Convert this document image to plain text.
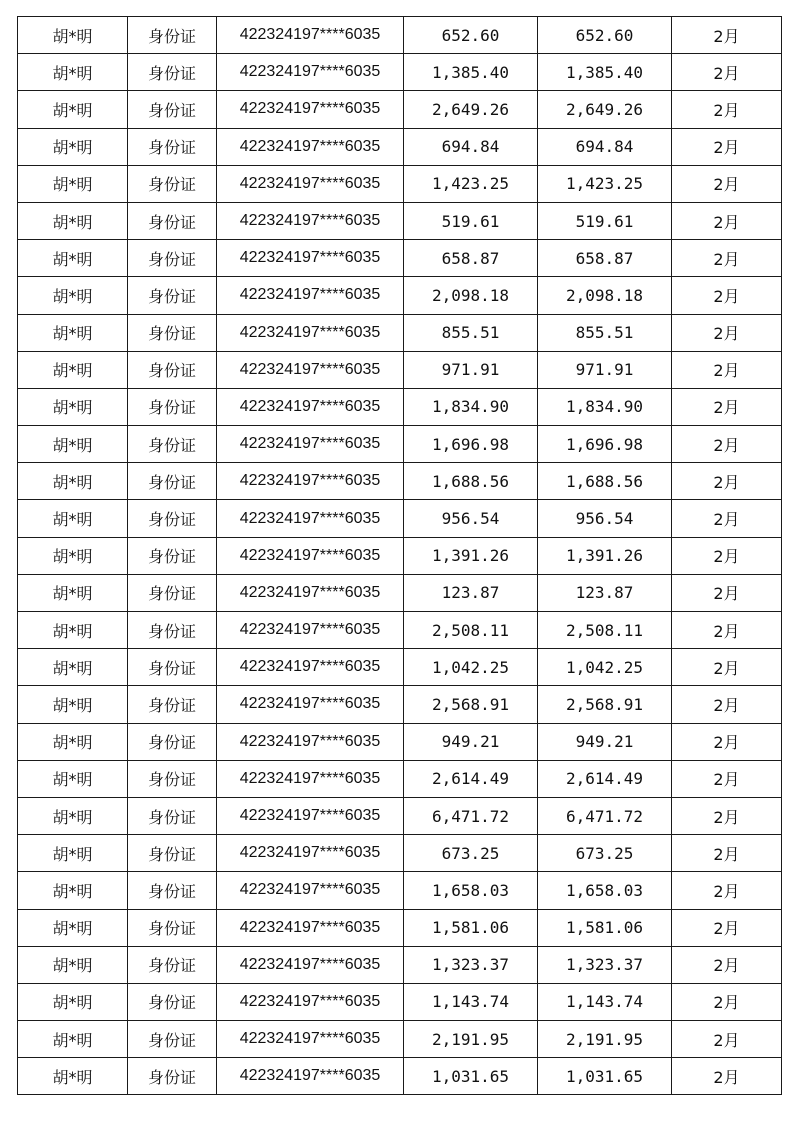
胡*明	身份证	422324197****6035	652.60	652.60	2月
胡*明	身份证	422324197****6035	1,385.40	1,385.40	2月
胡*明	身份证	422324197****6035	2,649.26	2,649.26	2月
胡*明	身份证	422324197****6035	694.84	694.84	2月
胡*明	身份证	422324197****6035	1,423.25	1,423.25	2月
胡*明	身份证	422324197****6035	519.61	519.61	2月
胡*明	身份证	422324197****6035	658.87	658.87	2月
胡*明	身份证	422324197****6035	2,098.18	2,098.18	2月
胡*明	身份证	422324197****6035	855.51	855.51	2月
胡*明	身份证	422324197****6035	971.91	971.91	2月
胡*明	身份证	422324197****6035	1,834.90	1,834.90	2月
胡*明	身份证	422324197****6035	1,696.98	1,696.98	2月
胡*明	身份证	422324197****6035	1,688.56	1,688.56	2月
胡*明	身份证	422324197****6035	956.54	956.54	2月
胡*明	身份证	422324197****6035	1,391.26	1,391.26	2月
胡*明	身份证	422324197****6035	123.87	123.87	2月
胡*明	身份证	422324197****6035	2,508.11	2,508.11	2月
胡*明	身份证	422324197****6035	1,042.25	1,042.25	2月
胡*明	身份证	422324197****6035	2,568.91	2,568.91	2月
胡*明	身份证	422324197****6035	949.21	949.21	2月
胡*明	身份证	422324197****6035	2,614.49	2,614.49	2月
胡*明	身份证	422324197****6035	6,471.72	6,471.72	2月
胡*明	身份证	422324197****6035	673.25	673.25	2月
胡*明	身份证	422324197****6035	1,658.03	1,658.03	2月
胡*明	身份证	422324197****6035	1,581.06	1,581.06	2月
胡*明	身份证	422324197****6035	1,323.37	1,323.37	2月
胡*明	身份证	422324197****6035	1,143.74	1,143.74	2月
胡*明	身份证	422324197****6035	2,191.95	2,191.95	2月
胡*明	身份证	422324197****6035	1,031.65	1,031.65	2月
